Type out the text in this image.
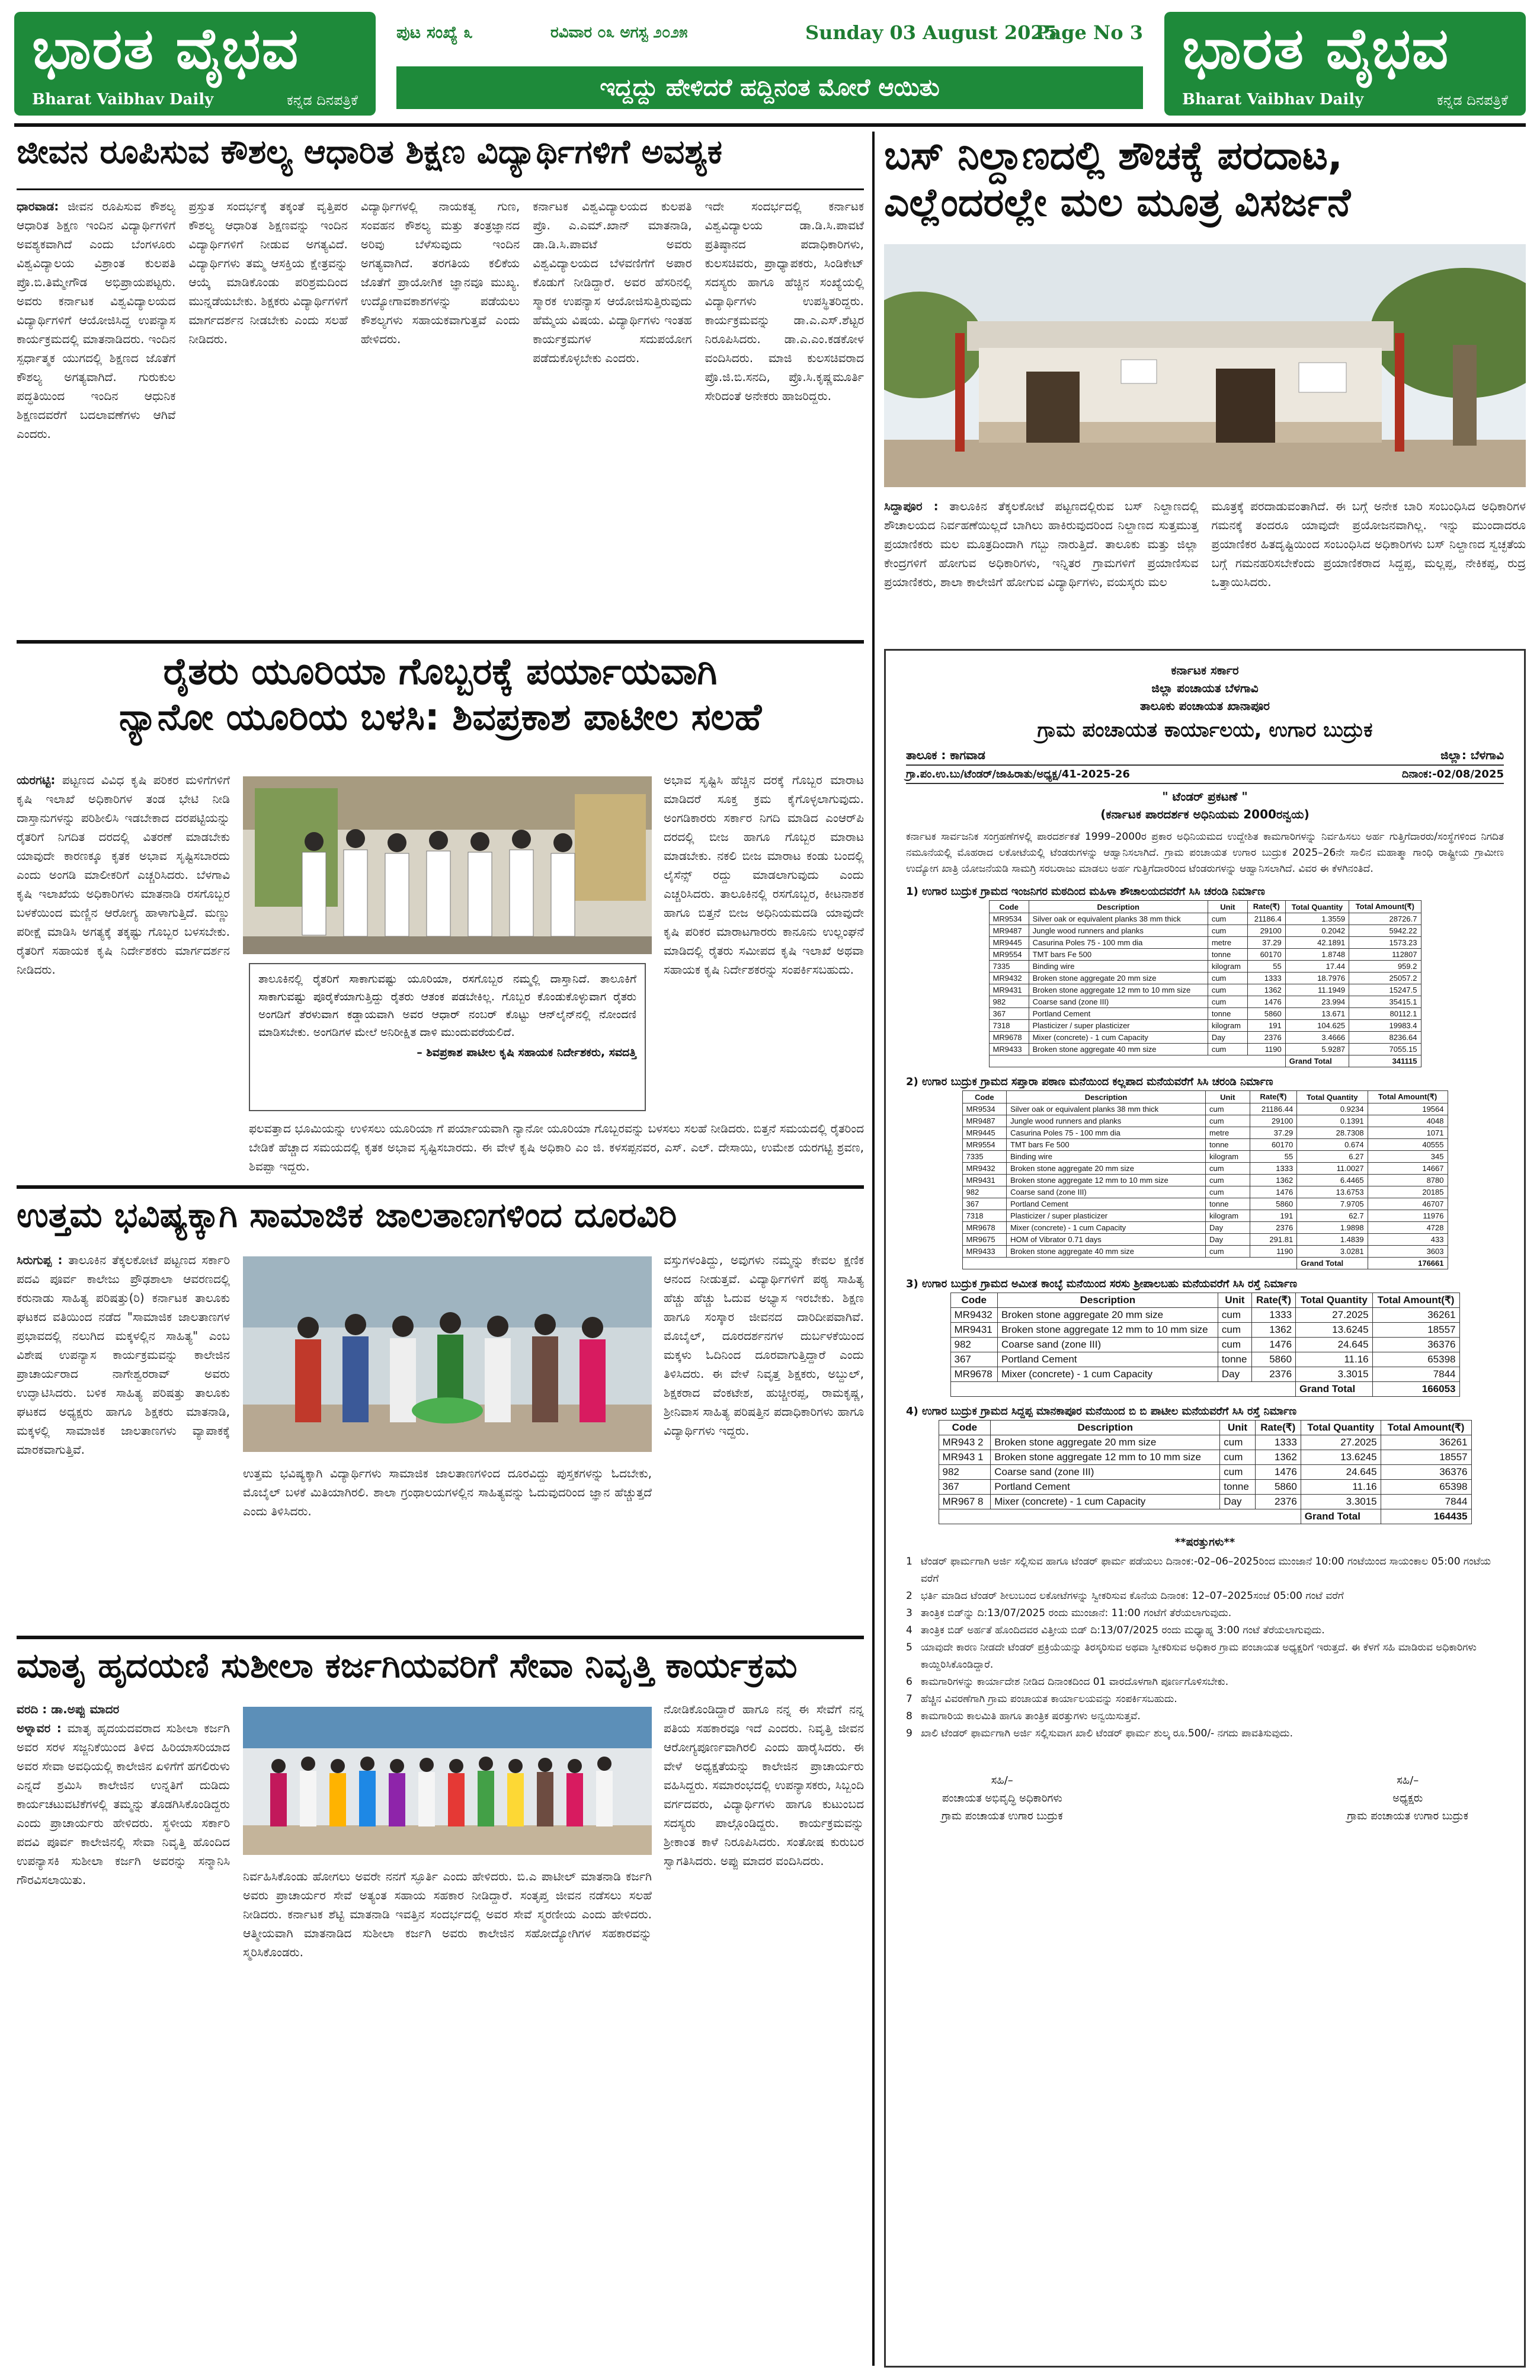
ಭಾರತ ವೈಭವ
Bharat Vaibhav Daily	ಕನ್ನಡ ದಿನಪತ್ರಿಕೆ
ಪುಟ ಸಂಖ್ಯೆ ೩	ರವಿವಾರ ೦೩ ಅಗಸ್ಟ ೨೦೨೫	Sunday 03 August 2025
Page No 3
ಇದ್ದದ್ದು ಹೇಳಿದರೆ ಹದ್ದಿನಂತ ಮೋರೆ ಆಯಿತು
ಭಾರತ ವೈಭವ
Bharat Vaibhav Daily	ಕನ್ನಡ ದಿನಪತ್ರಿಕೆ
ಜೀವನ ರೂಪಿಸುವ ಕೌಶಲ್ಯ ಆಧಾರಿತ ಶಿಕ್ಷಣ ವಿದ್ಯಾರ್ಥಿಗಳಿಗೆ ಅವಶ್ಯಕ
ಧಾರವಾಡ: ಜೀವನ ರೂಪಿಸುವ ಕೌಶಲ್ಯ ಆಧಾರಿತ ಶಿಕ್ಷಣ ಇಂದಿನ ವಿದ್ಯಾರ್ಥಿಗಳಿಗೆ ಅವಶ್ಯಕವಾಗಿದೆ ಎಂದು ಬೆಂಗಳೂರು ವಿಶ್ವವಿದ್ಯಾಲಯ ವಿಶ್ರಾಂತ ಕುಲಪತಿ ಪ್ರೊ.ಬಿ.ತಿಮ್ಮೇಗೌಡ ಅಭಿಪ್ರಾಯಪಟ್ಟರು. ಅವರು ಕರ್ನಾಟಕ ವಿಶ್ವವಿದ್ಯಾಲಯದ ವಿದ್ಯಾರ್ಥಿಗಳಿಗೆ ಆಯೋಜಿಸಿದ್ದ ಉಪನ್ಯಾಸ ಕಾರ್ಯಕ್ರಮದಲ್ಲಿ ಮಾತನಾಡಿದರು. ಇಂದಿನ ಸ್ಪರ್ಧಾತ್ಮಕ ಯುಗದಲ್ಲಿ ಶಿಕ್ಷಣದ ಜೊತೆಗೆ ಕೌಶಲ್ಯ ಅಗತ್ಯವಾಗಿದೆ. ಗುರುಕುಲ ಪದ್ಧತಿಯಿಂದ ಇಂದಿನ ಆಧುನಿಕ ಶಿಕ್ಷಣದವರೆಗೆ ಬದಲಾವಣೆಗಳು ಆಗಿವೆ ಎಂದರು.
ಪ್ರಸ್ತುತ ಸಂದರ್ಭಕ್ಕೆ ತಕ್ಕಂತೆ ವೃತ್ತಿಪರ ಕೌಶಲ್ಯ ಆಧಾರಿತ ಶಿಕ್ಷಣವನ್ನು ಇಂದಿನ ವಿದ್ಯಾರ್ಥಿಗಳಿಗೆ ನೀಡುವ ಅಗತ್ಯವಿದೆ. ವಿದ್ಯಾರ್ಥಿಗಳು ತಮ್ಮ ಆಸಕ್ತಿಯ ಕ್ಷೇತ್ರವನ್ನು ಆಯ್ಕೆ ಮಾಡಿಕೊಂಡು ಪರಿಶ್ರಮದಿಂದ ಮುನ್ನಡೆಯಬೇಕು. ಶಿಕ್ಷಕರು ವಿದ್ಯಾರ್ಥಿಗಳಿಗೆ ಮಾರ್ಗದರ್ಶನ ನೀಡಬೇಕು ಎಂದು ಸಲಹೆ ನೀಡಿದರು.
ವಿದ್ಯಾರ್ಥಿಗಳಲ್ಲಿ ನಾಯಕತ್ವ ಗುಣ, ಸಂವಹನ ಕೌಶಲ್ಯ ಮತ್ತು ತಂತ್ರಜ್ಞಾನದ ಅರಿವು ಬೆಳೆಸುವುದು ಇಂದಿನ ಅಗತ್ಯವಾಗಿದೆ. ತರಗತಿಯ ಕಲಿಕೆಯ ಜೊತೆಗೆ ಪ್ರಾಯೋಗಿಕ ಜ್ಞಾನವೂ ಮುಖ್ಯ. ಉದ್ಯೋಗಾವಕಾಶಗಳನ್ನು ಪಡೆಯಲು ಕೌಶಲ್ಯಗಳು ಸಹಾಯಕವಾಗುತ್ತವೆ ಎಂದು ಹೇಳಿದರು.
ಕರ್ನಾಟಕ ವಿಶ್ವವಿದ್ಯಾಲಯದ ಕುಲಪತಿ ಪ್ರೊ. ಎ.ಎಮ್.ಖಾನ್ ಮಾತನಾಡಿ, ಡಾ.ಡಿ.ಸಿ.ಪಾವಟೆ ಅವರು ವಿಶ್ವವಿದ್ಯಾಲಯದ ಬೆಳವಣಿಗೆಗೆ ಅಪಾರ ಕೊಡುಗೆ ನೀಡಿದ್ದಾರೆ. ಅವರ ಹೆಸರಿನಲ್ಲಿ ಸ್ಮಾರಕ ಉಪನ್ಯಾಸ ಆಯೋಜಿಸುತ್ತಿರುವುದು ಹೆಮ್ಮೆಯ ವಿಷಯ. ವಿದ್ಯಾರ್ಥಿಗಳು ಇಂತಹ ಕಾರ್ಯಕ್ರಮಗಳ ಸದುಪಯೋಗ ಪಡೆದುಕೊಳ್ಳಬೇಕು ಎಂದರು.
ಇದೇ ಸಂದರ್ಭದಲ್ಲಿ ಕರ್ನಾಟಕ ವಿಶ್ವವಿದ್ಯಾಲಯ ಡಾ.ಡಿ.ಸಿ.ಪಾವಟೆ ಪ್ರತಿಷ್ಠಾನದ ಪದಾಧಿಕಾರಿಗಳು, ಕುಲಸಚಿವರು, ಪ್ರಾಧ್ಯಾಪಕರು, ಸಿಂಡಿಕೇಟ್ ಸದಸ್ಯರು ಹಾಗೂ ಹೆಚ್ಚಿನ ಸಂಖ್ಯೆಯಲ್ಲಿ ವಿದ್ಯಾರ್ಥಿಗಳು ಉಪಸ್ಥಿತರಿದ್ದರು. ಕಾರ್ಯಕ್ರಮವನ್ನು ಡಾ.ಎ.ಎಸ್.ಶೆಟ್ಟರ ನಿರೂಪಿಸಿದರು. ಡಾ.ಎ.ಎಂ.ಕಡಕೋಳ ವಂದಿಸಿದರು. ಮಾಜಿ ಕುಲಸಚಿವರಾದ ಪ್ರೊ.ಜಿ.ಬಿ.ಸನದಿ, ಪ್ರೊ.ಸಿ.ಕೃಷ್ಣಮೂರ್ತಿ ಸೇರಿದಂತೆ ಅನೇಕರು ಹಾಜರಿದ್ದರು.
ಬಸ್ ನಿಲ್ದಾಣದಲ್ಲಿ ಶೌಚಕ್ಕೆ ಪರದಾಟ,
ಎಲ್ಲೆಂದರಲ್ಲೇ ಮಲ ಮೂತ್ರ ವಿಸರ್ಜನೆ
ಸಿದ್ದಾಪೂರ : ತಾಲೂಕಿನ ತೆಕ್ಕಲಕೋಟೆ ಪಟ್ಟಣದಲ್ಲಿರುವ ಬಸ್ ನಿಲ್ದಾಣದಲ್ಲಿ ಶೌಚಾಲಯದ ನಿರ್ವಹಣೆಯಿಲ್ಲದೆ ಬಾಗಿಲು ಹಾಕಿರುವುದರಿಂದ ನಿಲ್ದಾಣದ ಸುತ್ತಮುತ್ತ ಪ್ರಯಾಣಿಕರು ಮಲ ಮೂತ್ರದಿಂದಾಗಿ ಗಬ್ಬು ನಾರುತ್ತಿದೆ. ತಾಲೂಕು ಮತ್ತು ಜಿಲ್ಲಾ ಕೇಂದ್ರಗಳಿಗೆ ಹೋಗುವ ಅಧಿಕಾರಿಗಳು, ಇನ್ನಿತರ ಗ್ರಾಮಗಳಿಗೆ ಪ್ರಯಾಣಿಸುವ ಪ್ರಯಾಣಿಕರು, ಶಾಲಾ ಕಾಲೇಜಿಗೆ ಹೋಗುವ ವಿದ್ಯಾರ್ಥಿಗಳು, ವಯಸ್ಕರು ಮಲ
ಮೂತ್ರಕ್ಕೆ ಪರದಾಡುವಂತಾಗಿದೆ. ಈ ಬಗ್ಗೆ ಅನೇಕ ಬಾರಿ ಸಂಬಂಧಿಸಿದ ಅಧಿಕಾರಿಗಳ ಗಮನಕ್ಕೆ ತಂದರೂ ಯಾವುದೇ ಪ್ರಯೋಜನವಾಗಿಲ್ಲ. ಇನ್ನು ಮುಂದಾದರೂ ಪ್ರಯಾಣಿಕರ ಹಿತದೃಷ್ಟಿಯಿಂದ ಸಂಬಂಧಿಸಿದ ಅಧಿಕಾರಿಗಳು ಬಸ್ ನಿಲ್ದಾಣದ ಸ್ವಚ್ಛತೆಯ ಬಗ್ಗೆ ಗಮನಹರಿಸಬೇಕೆಂದು ಪ್ರಯಾಣಿಕರಾದ ಸಿದ್ದಪ್ಪ, ಮಲ್ಲಪ್ಪ, ನೇಕಿಕಪ್ಪ, ರುದ್ರ ಒತ್ತಾಯಿಸಿದರು.
ರೈತರು ಯೂರಿಯಾ ಗೊಬ್ಬರಕ್ಕೆ ಪರ್ಯಾಯವಾಗಿ
ನ್ಯಾನೋ ಯೂರಿಯ ಬಳಸಿ: ಶಿವಪ್ರಕಾಶ ಪಾಟೀಲ ಸಲಹೆ
ಯರಗಟ್ಟಿ: ಪಟ್ಟಣದ ವಿವಿಧ ಕೃಷಿ ಪರಿಕರ ಮಳಿಗೆಗಳಿಗೆ ಕೃಷಿ ಇಲಾಖೆ ಅಧಿಕಾರಿಗಳ ತಂಡ ಭೇಟಿ ನೀಡಿ ದಾಸ್ತಾನುಗಳನ್ನು ಪರಿಶೀಲಿಸಿ ಇಡಬೇಕಾದ ದರಪಟ್ಟಿಯನ್ನು ರೈತರಿಗೆ ನಿಗದಿತ ದರದಲ್ಲಿ ವಿತರಣೆ ಮಾಡಬೇಕು ಯಾವುದೇ ಕಾರಣಕ್ಕೂ ಕೃತಕ ಅಭಾವ ಸೃಷ್ಟಿಸಬಾರದು ಎಂದು ಅಂಗಡಿ ಮಾಲೀಕರಿಗೆ ಎಚ್ಚರಿಸಿದರು. ಬೆಳಗಾವಿ ಕೃಷಿ ಇಲಾಖೆಯ ಅಧಿಕಾರಿಗಳು ಮಾತನಾಡಿ ರಸಗೊಬ್ಬರ ಬಳಕೆಯಿಂದ ಮಣ್ಣಿನ ಆರೋಗ್ಯ ಹಾಳಾಗುತ್ತಿದೆ. ಮಣ್ಣು ಪರೀಕ್ಷೆ ಮಾಡಿಸಿ ಅಗತ್ಯಕ್ಕೆ ತಕ್ಕಷ್ಟು ಗೊಬ್ಬರ ಬಳಸಬೇಕು. ರೈತರಿಗೆ ಸಹಾಯಕ ಕೃಷಿ ನಿರ್ದೇಶಕರು ಮಾರ್ಗದರ್ಶನ ನೀಡಿದರು.
ತಾಲೂಕಿನಲ್ಲಿ ರೈತರಿಗೆ ಸಾಕಾಗುವಷ್ಟು ಯೂರಿಯಾ, ರಸಗೊಬ್ಬರ ನಮ್ಮಲ್ಲಿ ದಾಸ್ತಾನಿದೆ. ತಾಲೂಕಿಗೆ ಸಾಕಾಗುವಷ್ಟು ಪೂರೈಕೆಯಾಗುತ್ತಿದ್ದು ರೈತರು ಆತಂಕ ಪಡಬೇಕಿಲ್ಲ. ಗೊಬ್ಬರ ಕೊಂಡುಕೊಳ್ಳುವಾಗ ರೈತರು ಅಂಗಡಿಗೆ ತೆರಳುವಾಗ ಕಡ್ಡಾಯವಾಗಿ ಅವರ ಆಧಾರ್ ನಂಬರ್ ಕೊಟ್ಟು ಆನ್‌ಲೈನ್‌ನಲ್ಲಿ ನೋಂದಣಿ ಮಾಡಿಸಬೇಕು. ಅಂಗಡಿಗಳ ಮೇಲೆ ಅನಿರೀಕ್ಷಿತ ದಾಳಿ ಮುಂದುವರೆಯಲಿದೆ.
– ಶಿವಪ್ರಕಾಶ ಪಾಟೀಲ ಕೃಷಿ ಸಹಾಯಕ ನಿರ್ದೇಶಕರು, ಸವದತ್ತಿ
ಅಭಾವ ಸೃಷ್ಟಿಸಿ ಹೆಚ್ಚಿನ ದರಕ್ಕೆ ಗೊಬ್ಬರ ಮಾರಾಟ ಮಾಡಿದರೆ ಸೂಕ್ತ ಕ್ರಮ ಕೈಗೊಳ್ಳಲಾಗುವುದು. ಅಂಗಡಿಕಾರರು ಸರ್ಕಾರ ನಿಗದಿ ಮಾಡಿದ ಎಂಆರ್‌ಪಿ ದರದಲ್ಲಿ ಬೀಜ ಹಾಗೂ ಗೊಬ್ಬರ ಮಾರಾಟ ಮಾಡಬೇಕು. ನಕಲಿ ಬೀಜ ಮಾರಾಟ ಕಂಡು ಬಂದಲ್ಲಿ ಲೈಸೆನ್ಸ್ ರದ್ದು ಮಾಡಲಾಗುವುದು ಎಂದು ಎಚ್ಚರಿಸಿದರು. ತಾಲೂಕಿನಲ್ಲಿ ರಸಗೊಬ್ಬರ, ಕೀಟನಾಶಕ ಹಾಗೂ ಬಿತ್ತನೆ ಬೀಜ ಅಧಿನಿಯಮದಡಿ ಯಾವುದೇ ಕೃಷಿ ಪರಿಕರ ಮಾರಾಟಗಾರರು ಕಾನೂನು ಉಲ್ಲಂಘನೆ ಮಾಡಿದಲ್ಲಿ ರೈತರು ಸಮೀಪದ ಕೃಷಿ ಇಲಾಖೆ ಅಥವಾ ಸಹಾಯಕ ಕೃಷಿ ನಿರ್ದೇಶಕರನ್ನು ಸಂಪರ್ಕಿಸಬಹುದು.
ಫಲವತ್ತಾದ ಭೂಮಿಯನ್ನು ಉಳಿಸಲು ಯೂರಿಯಾ ಗೆ ಪರ್ಯಾಯವಾಗಿ ನ್ಯಾನೋ ಯೂರಿಯಾ ಗೊಬ್ಬರವನ್ನು ಬಳಸಲು ಸಲಹೆ ನೀಡಿದರು. ಬಿತ್ತನೆ ಸಮಯದಲ್ಲಿ ರೈತರಿಂದ ಬೇಡಿಕೆ ಹೆಚ್ಚಾದ ಸಮಯದಲ್ಲಿ ಕೃತಕ ಅಭಾವ ಸೃಷ್ಟಿಸಬಾರದು. ಈ ವೇಳೆ ಕೃಷಿ ಅಧಿಕಾರಿ ಎಂ ಜಿ. ಕಳಸಪ್ಪನವರ, ಎಸ್. ಎಲ್. ದೇಸಾಯಿ, ಉಮೇಶ ಯರಗಟ್ಟಿ ಶ್ರವಣ, ಶಿವಪ್ಪಾ ಇದ್ದರು.
ಉತ್ತಮ ಭವಿಷ್ಯಕ್ಕಾಗಿ ಸಾಮಾಜಿಕ ಜಾಲತಾಣಗಳಿಂದ ದೂರವಿರಿ
ಸಿರುಗುಪ್ಪ : ತಾಲೂಕಿನ ತೆಕ್ಕಲಕೋಟೆ ಪಟ್ಟಣದ ಸರ್ಕಾರಿ ಪದವಿ ಪೂರ್ವ ಕಾಲೇಜು ಪ್ರೌಢಶಾಲಾ ಆವರಣದಲ್ಲಿ ಕರುನಾಡು ಸಾಹಿತ್ಯ ಪರಿಷತ್ತು(ರಿ) ಕರ್ನಾಟಕ ತಾಲೂಕು ಘಟಕದ ವತಿಯಿಂದ ನಡೆದ "ಸಾಮಾಜಿಕ ಜಾಲತಾಣಗಳ ಪ್ರಭಾವದಲ್ಲಿ ನಲುಗಿದ ಮಕ್ಕಳಲ್ಲಿನ ಸಾಹಿತ್ಯ" ಎಂಬ ವಿಶೇಷ ಉಪನ್ಯಾಸ ಕಾರ್ಯಕ್ರಮವನ್ನು ಕಾಲೇಜಿನ ಪ್ರಾಚಾರ್ಯರಾದ ನಾಗೇಶ್ವರರಾವ್ ಅವರು ಉದ್ಘಾಟಿಸಿದರು. ಬಳಿಕ ಸಾಹಿತ್ಯ ಪರಿಷತ್ತು ತಾಲೂಕು ಘಟಕದ ಅಧ್ಯಕ್ಷರು ಹಾಗೂ ಶಿಕ್ಷಕರು ಮಾತನಾಡಿ, ಮಕ್ಕಳಲ್ಲಿ ಸಾಮಾಜಿಕ ಜಾಲತಾಣಗಳು ವ್ಯಾಪಾಕಕ್ಕೆ ಮಾರಕವಾಗುತ್ತಿವೆ.
ವಸ್ತುಗಳಂತಿದ್ದು, ಅವುಗಳು ನಮ್ಮನ್ನು ಕೇವಲ ಕ್ಷಣಿಕ ಆನಂದ ನೀಡುತ್ತವೆ. ವಿದ್ಯಾರ್ಥಿಗಳಿಗೆ ಪಠ್ಯ ಸಾಹಿತ್ಯ ಹೆಚ್ಚು ಹೆಚ್ಚು ಓದುವ ಅಭ್ಯಾಸ ಇರಬೇಕು. ಶಿಕ್ಷಣ ಹಾಗೂ ಸಂಸ್ಕಾರ ಜೀವನದ ದಾರಿದೀಪವಾಗಿವೆ. ಮೊಬೈಲ್, ದೂರದರ್ಶನಗಳ ದುರ್ಬಳಕೆಯಿಂದ ಮಕ್ಕಳು ಓದಿನಿಂದ ದೂರವಾಗುತ್ತಿದ್ದಾರೆ ಎಂದು ತಿಳಿಸಿದರು. ಈ ವೇಳೆ ನಿವೃತ್ತ ಶಿಕ್ಷಕರು, ಅಬ್ದುಲ್, ಶಿಕ್ಷಕರಾದ ವೆಂಕಟೇಶ, ಹುಚ್ಚೀರಪ್ಪ, ರಾಮಕೃಷ್ಣ, ಶ್ರೀನಿವಾಸ ಸಾಹಿತ್ಯ ಪರಿಷತ್ತಿನ ಪದಾಧಿಕಾರಿಗಳು ಹಾಗೂ ವಿದ್ಯಾರ್ಥಿಗಳು ಇದ್ದರು.
ಉತ್ತಮ ಭವಿಷ್ಯಕ್ಕಾಗಿ ವಿದ್ಯಾರ್ಥಿಗಳು ಸಾಮಾಜಿಕ ಜಾಲತಾಣಗಳಿಂದ ದೂರವಿದ್ದು ಪುಸ್ತಕಗಳನ್ನು ಓದಬೇಕು, ಮೊಬೈಲ್ ಬಳಕೆ ಮಿತಿಯಾಗಿರಲಿ. ಶಾಲಾ ಗ್ರಂಥಾಲಯಗಳಲ್ಲಿನ ಸಾಹಿತ್ಯವನ್ನು ಓದುವುದರಿಂದ ಜ್ಞಾನ ಹೆಚ್ಚುತ್ತದೆ ಎಂದು ತಿಳಿಸಿದರು.
ಮಾತೃ ಹೃದಯಣಿ ಸುಶೀಲಾ ಕರ್ಜಗಿಯವರಿಗೆ ಸೇವಾ ನಿವೃತ್ತಿ ಕಾರ್ಯಕ್ರಮ
ವರದಿ : ಡಾ.ಅಪ್ಪು ಮಾದರ
ಅಳ್ನಾವರ : ಮಾತೃ ಹೃದಯದವರಾದ ಸುಶೀಲಾ ಕರ್ಜಗಿ ಅವರ ಸರಳ ಸಜ್ಜನಿಕೆಯಿಂದ ತಿಳಿದ ಹಿರಿಯಾಸರಿಯಾದ ಅವರ ಸೇವಾ ಅವಧಿಯಲ್ಲಿ ಕಾಲೇಜಿನ ಏಳಿಗೆಗೆ ಹಗಲಿರುಳು ಎನ್ನದೆ ಶ್ರಮಿಸಿ ಕಾಲೇಜಿನ ಉನ್ನತಿಗೆ ದುಡಿದು ಕಾರ್ಯಚಟುವಟಿಕೆಗಳಲ್ಲಿ ತಮ್ಮನ್ನು ತೊಡಗಿಸಿಕೊಂಡಿದ್ದರು ಎಂದು ಪ್ರಾಚಾರ್ಯರು ಹೇಳಿದರು. ಸ್ಥಳೀಯ ಸರ್ಕಾರಿ ಪದವಿ ಪೂರ್ವ ಕಾಲೇಜಿನಲ್ಲಿ ಸೇವಾ ನಿವೃತ್ತಿ ಹೊಂದಿದ ಉಪನ್ಯಾಸಕಿ ಸುಶೀಲಾ ಕರ್ಜಗಿ ಅವರನ್ನು ಸನ್ಮಾನಿಸಿ ಗೌರವಿಸಲಾಯಿತು.	ನಿರ್ವಹಿಸಿಕೊಂಡು ಹೋಗಲು ಅವರೇ ನನಗೆ ಸ್ಫೂರ್ತಿ ಎಂದು ಹೇಳಿದರು. ಬಿ.ಎ ಪಾಟೀಲ್ ಮಾತನಾಡಿ ಕರ್ಜಗಿ ಅವರು ಪ್ರಾಚಾರ್ಯರ ಸೇವೆ ಅತ್ಯಂತ ಸಹಾಯ ಸಹಕಾರ ನೀಡಿದ್ದಾರೆ. ಸಂತೃಪ್ತ ಜೀವನ ನಡೆಸಲು ಸಲಹೆ ನೀಡಿದರು. ಕರ್ನಾಟಕ ಶೆಟ್ಟಿ ಮಾತನಾಡಿ ಇವತ್ತಿನ ಸಂದರ್ಭದಲ್ಲಿ ಅವರ ಸೇವೆ ಸ್ಮರಣೀಯ ಎಂದು ಹೇಳಿದರು. ಆತ್ಮೀಯವಾಗಿ ಮಾತನಾಡಿದ ಸುಶೀಲಾ ಕರ್ಜಗಿ ಅವರು ಕಾಲೇಜಿನ ಸಹೋದ್ಯೋಗಿಗಳ ಸಹಕಾರವನ್ನು ಸ್ಮರಿಸಿಕೊಂಡರು.
ನೋಡಿಕೊಂಡಿದ್ದಾರೆ ಹಾಗೂ ನನ್ನ ಈ ಸೇವೆಗೆ ನನ್ನ ಪತಿಯ ಸಹಕಾರವೂ ಇದೆ ಎಂದರು. ನಿವೃತ್ತಿ ಜೀವನ ಆರೋಗ್ಯಪೂರ್ಣವಾಗಿರಲಿ ಎಂದು ಹಾರೈಸಿದರು. ಈ ವೇಳೆ ಅಧ್ಯಕ್ಷತೆಯನ್ನು ಕಾಲೇಜಿನ ಪ್ರಾಚಾರ್ಯರು ವಹಿಸಿದ್ದರು. ಸಮಾರಂಭದಲ್ಲಿ ಉಪನ್ಯಾಸಕರು, ಸಿಬ್ಬಂದಿ ವರ್ಗದವರು, ವಿದ್ಯಾರ್ಥಿಗಳು ಹಾಗೂ ಕುಟುಂಬದ ಸದಸ್ಯರು ಪಾಲ್ಗೊಂಡಿದ್ದರು. ಕಾರ್ಯಕ್ರಮವನ್ನು ಶ್ರೀಕಾಂತ ಕಾಳೆ ನಿರೂಪಿಸಿದರು. ಸಂತೋಷ ಕುರುಬರ ಸ್ವಾಗತಿಸಿದರು. ಅಪ್ಪು ಮಾದರ ವಂದಿಸಿದರು.
ಕರ್ನಾಟಕ ಸರ್ಕಾರ
ಜಿಲ್ಲಾ ಪಂಚಾಯತ ಬೆಳಗಾವಿ
ತಾಲೂಕು ಪಂಚಾಯತ ಖಾನಾಪೂರ
ಗ್ರಾಮ ಪಂಚಾಯತ ಕಾರ್ಯಾಲಯ, ಉಗಾರ ಬುದ್ರುಕ
ತಾಲೂಕ : ಕಾಗವಾಡ	ಜಿಲ್ಲಾ: ಬೆಳಗಾವಿ
ಗ್ರಾ.ಪಂ.ಉ.ಬು/ಟೆಂಡರ್/ಜಾಹಿರಾತು/ಅಧ್ಯಕ್ಷ/41-2025-26	ದಿನಾಂಕ:-02/08/2025
" ಟೆಂಡರ್ ಪ್ರಕಟಣೆ "
(ಕರ್ನಾಟಕ ಪಾರದರ್ಶಕ ಅಧಿನಿಯಮ 2000ರನ್ವಯ)
ಕರ್ನಾಟಕ ಸಾರ್ವಜನಿಕ ಸಂಗ್ರಹಣೆಗಳಲ್ಲಿ ಪಾರದರ್ಶಕತೆ 1999–2000ರ ಪ್ರಕಾರ ಅಧಿನಿಯಮದ ಉದ್ದೇಶಿತ ಕಾಮಗಾರಿಗಳನ್ನು ನಿರ್ವಹಿಸಲು ಅರ್ಹ ಗುತ್ತಿಗೆದಾರರು/ಸಂಸ್ಥೆಗಳಿಂದ ನಿಗದಿತ ನಮೂನೆಯಲ್ಲಿ ಮೊಹರಾದ ಲಕೋಟೆಯಲ್ಲಿ ಟೆಂಡರುಗಳನ್ನು ಆಹ್ವಾನಿಸಲಾಗಿದೆ. ಗ್ರಾಮ ಪಂಚಾಯತ ಉಗಾರ ಬುದ್ರುಕ 2025–26ನೇ ಸಾಲಿನ ಮಹಾತ್ಮಾ ಗಾಂಧಿ ರಾಷ್ಟ್ರೀಯ ಗ್ರಾಮೀಣ ಉದ್ಯೋಗ ಖಾತ್ರಿ ಯೋಜನೆಯಡಿ ಸಾಮಗ್ರಿ ಸರಬರಾಜು ಮಾಡಲು ಅರ್ಹ ಗುತ್ತಿಗೆದಾರರಿಂದ ಟೆಂಡರುಗಳನ್ನು ಆಹ್ವಾನಿಸಲಾಗಿದೆ. ವಿವರ ಈ ಕೆಳಗಿನಂತಿದೆ.
1) ಉಗಾರ ಬುದ್ರುಕ ಗ್ರಾಮದ ಇಂಜನಿಗರ ಮಠದಿಂದ ಮಹಿಳಾ ಶೌಚಾಲಯದವರೆಗೆ ಸಿಸಿ ಚರಂಡಿ ನಿರ್ಮಾಣ
Code	Description	Unit	Rate(₹)	Total Quantity	Total Amount(₹)
MR9534	Silver oak or equivalent planks 38 mm thick	cum	21186.4	1.3559	28726.7
MR9487	Jungle wood runners and planks	cum	29100	0.2042	5942.22
MR9445	Casurina Poles 75 - 100 mm dia	metre	37.29	42.1891	1573.23
MR9554	TMT bars Fe 500	tonne	60170	1.8748	112807
7335	Binding wire	kilogram	55	17.44	959.2
MR9432	Broken stone aggregate 20 mm size	cum	1333	18.7976	25057.2
MR9431	Broken stone aggregate 12 mm to 10 mm size	cum	1362	11.1949	15247.5
982	Coarse sand (zone III)	cum	1476	23.994	35415.1
367	Portland Cement	tonne	5860	13.671	80112.1
7318	Plasticizer / super plasticizer	kilogram	191	104.625	19983.4
MR9678	Mixer (concrete) - 1 cum Capacity	Day	2376	3.4666	8236.64
MR9433	Broken stone aggregate 40 mm size	cum	1190	5.9287	7055.15
				Grand Total	341115
2) ಉಗಾರ ಬುದ್ರುಕ ಗ್ರಾಮದ ಸಪ್ತಾರಾ ಪಠಾಣ ಮನೆಯಿಂದ ಕಲ್ಲಪಾದ ಮನೆಯವರೆಗೆ ಸಿಸಿ ಚರಂಡಿ ನಿರ್ಮಾಣ
Code	Description	Unit	Rate(₹)	Total Quantity	Total Amount(₹)
MR9534	Silver oak or equivalent planks 38 mm thick	cum	21186.44	0.9234	19564
MR9487	Jungle wood runners and planks	cum	29100	0.1391	4048
MR9445	Casurina Poles 75 - 100 mm dia	metre	37.29	28.7308	1071
MR9554	TMT bars Fe 500	tonne	60170	0.674	40555
7335	Binding wire	kilogram	55	6.27	345
MR9432	Broken stone aggregate 20 mm size	cum	1333	11.0027	14667
MR9431	Broken stone aggregate 12 mm to 10 mm size	cum	1362	6.4465	8780
982	Coarse sand (zone III)	cum	1476	13.6753	20185
367	Portland Cement	tonne	5860	7.9705	46707
7318	Plasticizer / super plasticizer	kilogram	191	62.7	11976
MR9678	Mixer (concrete) - 1 cum Capacity	Day	2376	1.9898	4728
MR9675	HOM of Vibrator 0.71 days	Day	291.81	1.4839	433
MR9433	Broken stone aggregate 40 mm size	cum	1190	3.0281	3603
				Grand Total	176661
3) ಉಗಾರ ಬುದ್ರುಕ ಗ್ರಾಮದ ಅಮೀತ ಕಾಂಬ್ಳೆ ಮನೆಯಿಂದ ಸರಸು ಶ್ರೀಪಾಲಬಹು ಮನೆಯವರೆಗೆ ಸಿಸಿ ರಸ್ತೆ ನಿರ್ಮಾಣ
Code	Description	Unit	Rate(₹)	Total Quantity	Total Amount(₹)
MR9432	Broken stone aggregate 20 mm size	cum	1333	27.2025	36261
MR9431	Broken stone aggregate 12 mm to 10 mm size	cum	1362	13.6245	18557
982	Coarse sand (zone III)	cum	1476	24.645	36376
367	Portland Cement	tonne	5860	11.16	65398
MR9678	Mixer (concrete) - 1 cum Capacity	Day	2376	3.3015	7844
				Grand Total	166053
4) ಉಗಾರ ಬುದ್ರುಕ ಗ್ರಾಮದ ಸಿದ್ದಪ್ಪ ಮಾನಕಾಪೂರ ಮನೆಯಿಂದ ಬಿ ಬಿ ಪಾಟೀಲ ಮನೆಯವರೆಗೆ ಸಿಸಿ ರಸ್ತೆ ನಿರ್ಮಾಣ
Code	Description	Unit	Rate(₹)	Total Quantity	Total Amount(₹)
MR943 2	Broken stone aggregate 20 mm size	cum	1333	27.2025	36261
MR943 1	Broken stone aggregate 12 mm to 10 mm size	cum	1362	13.6245	18557
982	Coarse sand (zone III)	cum	1476	24.645	36376
367	Portland Cement	tonne	5860	11.16	65398
MR967 8	Mixer (concrete) - 1 cum Capacity	Day	2376	3.3015	7844
				Grand Total	164435
**ಷರತ್ತುಗಳು**
1 ಟೆಂಡರ್ ಫಾರ್ಮಗಾಗಿ ಅರ್ಜಿ ಸಲ್ಲಿಸುವ ಹಾಗೂ ಟೆಂಡರ್ ಫಾರ್ಮ ಪಡೆಯಲು ದಿನಾಂಕ:-02–06–2025ರಿಂದ ಮುಂಜಾನೆ 10:00 ಗಂಟೆಯಿಂದ ಸಾಯಂಕಾಲ 05:00 ಗಂಟೆಯ ವರೆಗೆ
2 ಭರ್ತಿ ಮಾಡಿದ ಟೆಂಡರ್ ಶೀಲುಬಂದ ಲಕೋಟೆಗಳನ್ನು ಸ್ವೀಕರಿಸುವ ಕೊನೆಯ ದಿನಾಂಕ: 12–07–2025ಸಂಜೆ 05:00 ಗಂಟೆ ವರೆಗೆ
3 ತಾಂತ್ರಿಕ ಬಿಡ್‌ನ್ನು ದಿ:13/07/2025 ರಂದು ಮುಂಜಾನೆ: 11:00 ಗಂಟೆಗೆ ತೆರೆಯಲಾಗುವುದು.
4 ತಾಂತ್ರಿಕ ಬಿಡ್ ಅರ್ಹತೆ ಹೊಂದಿದವರ ವಿತ್ತೀಯ ಬಿಡ್ ದಿ:13/07/2025 ರಂದು ಮಧ್ಯಾಹ್ನ 3:00 ಗಂಟೆ ತೆರೆಯಲಾಗುವುದು.
5 ಯಾವುದೇ ಕಾರಣ ನೀಡದೇ ಟೆಂಡರ್ ಪ್ರಕ್ರಿಯೆಯನ್ನು ತಿರಸ್ಕರಿಸುವ ಅಥವಾ ಸ್ವೀಕರಿಸುವ ಅಧಿಕಾರ ಗ್ರಾಮ ಪಂಚಾಯತ ಅಧ್ಯಕ್ಷರಿಗೆ ಇರುತ್ತದೆ. ಈ ಕೆಳಗೆ ಸಹಿ ಮಾಡಿರುವ ಅಧಿಕಾರಿಗಳು ಕಾಯ್ದಿರಿಸಿಕೊಂಡಿದ್ದಾರೆ.
6 ಕಾಮಗಾರಿಗಳನ್ನು ಕಾರ್ಯಾದೇಶ ನೀಡಿದ ದಿನಾಂಕದಿಂದ 01 ವಾರದೊಳಗಾಗಿ ಪೂರ್ಣಗೊಳಿಸಬೇಕು.
7 ಹೆಚ್ಚಿನ ವಿವರಣೆಗಾಗಿ ಗ್ರಾಮ ಪಂಚಾಯತ ಕಾರ್ಯಾಲಯವನ್ನು ಸಂಪರ್ಕಿಸಬಹುದು.
8 ಕಾಮಗಾರಿಯ ಕಾಲಮಿತಿ ಹಾಗೂ ತಾಂತ್ರಿಕ ಷರತ್ತುಗಳು ಅನ್ವಯಿಸುತ್ತವೆ.
9 ಖಾಲಿ ಟೆಂಡರ್ ಫಾರ್ಮಗಾಗಿ ಅರ್ಜಿ ಸಲ್ಲಿಸುವಾಗ ಖಾಲಿ ಟೆಂಡರ್ ಫಾರ್ಮ ಶುಲ್ಕ ರೂ.500/- ನಗದು ಪಾವತಿಸುವುದು.
ಸಹಿ/–
ಪಂಚಾಯತ ಅಭಿವೃದ್ಧಿ ಅಧಿಕಾರಿಗಳು
ಗ್ರಾಮ ಪಂಚಾಯತ ಉಗಾರ ಬುದ್ರುಕ
ಸಹಿ/–
ಅಧ್ಯಕ್ಷರು
ಗ್ರಾಮ ಪಂಚಾಯತ ಉಗಾರ ಬುದ್ರುಕ
